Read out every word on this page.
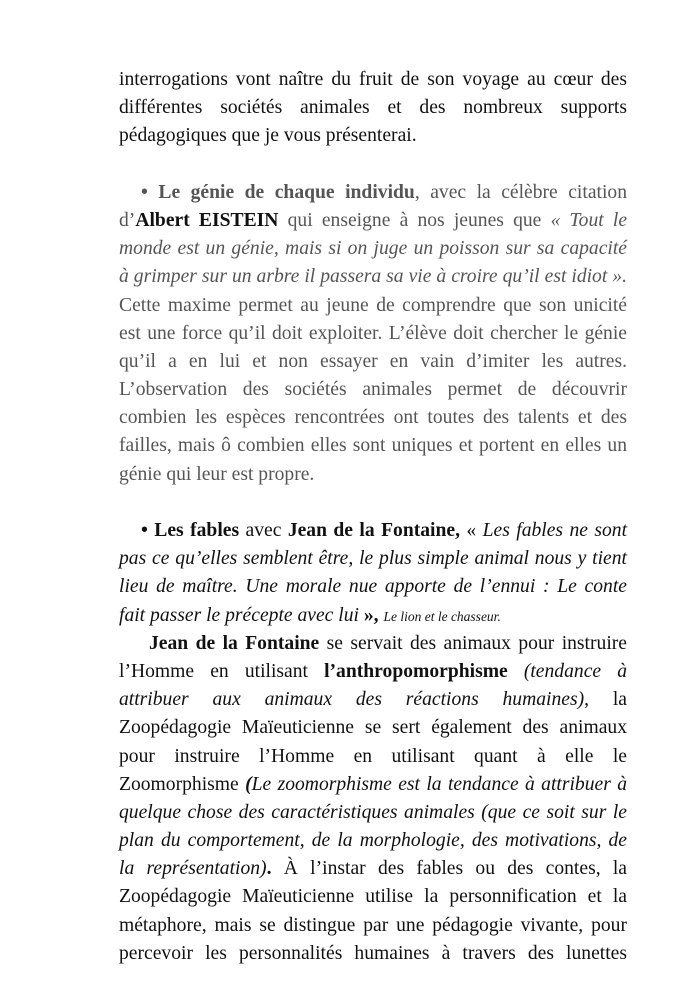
interrogations vont naître du fruit de son voyage au cœur des
différentes sociétés animales et des nombreux supports
pédagogiques que je vous présenterai.
• Le génie de chaque individu, avec la célèbre citation
d’Albert EISTEIN qui enseigne à nos jeunes que « Tout le
monde est un génie, mais si on juge un poisson sur sa capacité
à grimper sur un arbre il passera sa vie à croire qu’il est idiot ».
Cette maxime permet au jeune de comprendre que son unicité
est une force qu’il doit exploiter. L’élève doit chercher le génie
qu’il a en lui et non essayer en vain d’imiter les autres.
L’observation des sociétés animales permet de découvrir
combien les espèces rencontrées ont toutes des talents et des
failles, mais ô combien elles sont uniques et portent en elles un
génie qui leur est propre.
• Les fables avec Jean de la Fontaine, « Les fables ne sont
pas ce qu’elles semblent être, le plus simple animal nous y tient
lieu de maître. Une morale nue apporte de l’ennui : Le conte
fait passer le précepte avec lui », Le lion et le chasseur.
Jean de la Fontaine se servait des animaux pour instruire
l’Homme en utilisant l’anthropomorphisme (tendance à
attribuer aux animaux des réactions humaines), la
Zoopédagogie Maïeuticienne se sert également des animaux
pour instruire l’Homme en utilisant quant à elle le
Zoomorphisme (Le zoomorphisme est la tendance à attribuer à
quelque chose des caractéristiques animales (que ce soit sur le
plan du comportement, de la morphologie, des motivations, de
la représentation). À l’instar des fables ou des contes, la
Zoopédagogie Maïeuticienne utilise la personnification et la
métaphore, mais se distingue par une pédagogie vivante, pour
percevoir les personnalités humaines à travers des lunettes
